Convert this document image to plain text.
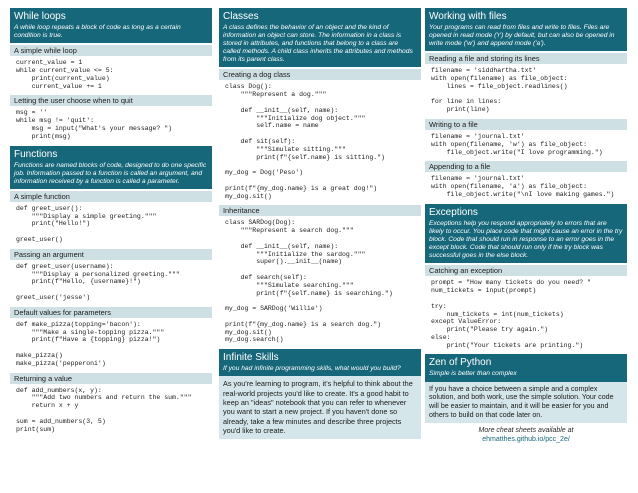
While loops
A while loop repeats a block of code as long as a certain condition is true.
A simple while loop
current_value = 1
while current_value <= 5:
print(current_value)
current_value += 1
Letting the user choose when to quit
msg = ''
while msg != 'quit':
msg = input("What's your message? ")
print(msg)
Functions
Functions are named blocks of code, designed to do one specific job. Information passed to a function is called an argument, and information received by a function is called a parameter.
A simple function
def greet_user():
"""Display a simple greeting."""
print("Hello!")

greet_user()
Passing an argument
def greet_user(username):
"""Display a personalized greeting."""
print(f"Hello, {username}!")

greet_user('jesse')
Default values for parameters
def make_pizza(topping='bacon'):
"""Make a single-topping pizza."""
print(f"Have a {topping} pizza!")

make_pizza()
make_pizza('pepperoni')
Returning a value
def add_numbers(x, y):
"""Add two numbers and return the sum."""
return x + y

sum = add_numbers(3, 5)
print(sum)
Classes
A class defines the behavior of an object and the kind of information an object can store. The information in a class is stored in attributes, and functions that belong to a class are called methods. A child class inherits the attributes and methods from its parent class.
Creating a dog class
class Dog():
"""Represent a dog."""

def __init__(self, name):
"""Initialize dog object."""
self.name = name

def sit(self):
"""Simulate sitting."""
print(f"{self.name} is sitting.")

my_dog = Dog('Peso')

print(f"{my_dog.name} is a great dog!")
my_dog.sit()
Inheritance
class SARDog(Dog):
"""Represent a search dog."""

def __init__(self, name):
"""Initialize the sardog."""
super().__init__(name)

def search(self):
"""Simulate searching."""
print(f"{self.name} is searching.")

my_dog = SARDog('Willie')

print(f"{my_dog.name} is a search dog.")
my_dog.sit()
my_dog.search()
Infinite Skills
If you had infinite programming skills, what would you build?
As you're learning to program, it's helpful to think about the real-world projects you'd like to create. It's a good habit to keep an "ideas" notebook that you can refer to whenever you want to start a new project. If you haven't done so already, take a few minutes and describe three projects you'd like to create.
Working with files
Your programs can read from files and write to files. Files are opened in read mode ('r') by default, but can also be opened in write mode ('w') and append mode ('a').
Reading a file and storing its lines
filename = 'siddhartha.txt'
with open(filename) as file_object:
lines = file_object.readlines()

for line in lines:
print(line)
Writing to a file
filename = 'journal.txt'
with open(filename, 'w') as file_object:
file_object.write("I love programming.")
Appending to a file
filename = 'journal.txt'
with open(filename, 'a') as file_object:
file_object.write("\nI love making games.")
Exceptions
Exceptions help you respond appropriately to errors that are likely to occur. You place code that might cause an error in the try block. Code that should run in response to an error goes in the except block. Code that should run only if the try block was successful goes in the else block.
Catching an exception
prompt = "How many tickets do you need? "
num_tickets = input(prompt)

try:
num_tickets = int(num_tickets)
except ValueError:
print("Please try again.")
else:
print("Your tickets are printing.")
Zen of Python
Simple is better than complex
If you have a choice between a simple and a complex solution, and both work, use the simple solution. Your code will be easier to maintain, and it will be easier for you and others to build on that code later on.
More cheat sheets available at
ehmatthes.github.io/pcc_2e/
